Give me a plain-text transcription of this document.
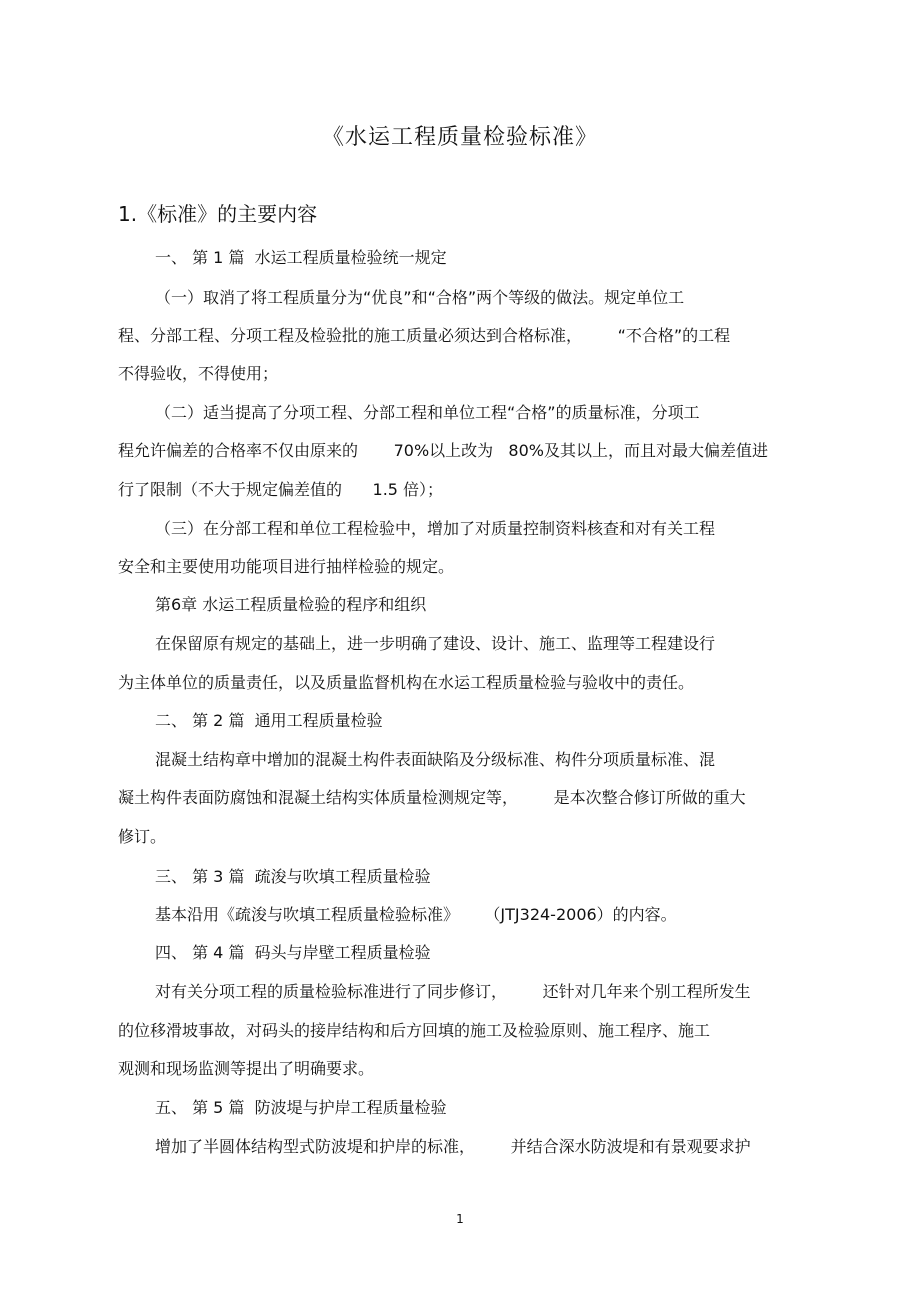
《水运工程质量检验标准》
1.《标准》的主要内容
一、 第 1 篇  水运工程质量检验统一规定
（一）取消了将工程质量分为“优良”和“合格”两个等级的做法。规定单位工
程、分部工程、分项工程及检验批的施工质量必须达到合格标准，       “不合格”的工程
不得验收，不得使用；
（二）适当提高了分项工程、分部工程和单位工程“合格”的质量标准，分项工
程允许偏差的合格率不仅由原来的       70%以上改为   80%及其以上，而且对最大偏差值进
行了限制（不大于规定偏差值的      1.5 倍）；
（三）在分部工程和单位工程检验中，增加了对质量控制资料核查和对有关工程
安全和主要使用功能项目进行抽样检验的规定。
第6章 水运工程质量检验的程序和组织
在保留原有规定的基础上，进一步明确了建设、设计、施工、监理等工程建设行
为主体单位的质量责任，以及质量监督机构在水运工程质量检验与验收中的责任。
二、 第 2 篇  通用工程质量检验
混凝土结构章中增加的混凝土构件表面缺陷及分级标准、构件分项质量标准、混
凝土构件表面防腐蚀和混凝土结构实体质量检测规定等，       是本次整合修订所做的重大
修订。
三、 第 3 篇  疏浚与吹填工程质量检验
基本沿用《疏浚与吹填工程质量检验标准》     （JTJ324-2006）的内容。
四、 第 4 篇  码头与岸壁工程质量检验
对有关分项工程的质量检验标准进行了同步修订，       还针对几年来个别工程所发生
的位移滑坡事故，对码头的接岸结构和后方回填的施工及检验原则、施工程序、施工
观测和现场监测等提出了明确要求。
五、 第 5 篇  防波堤与护岸工程质量检验
增加了半圆体结构型式防波堤和护岸的标准，       并结合深水防波堤和有景观要求护
1
